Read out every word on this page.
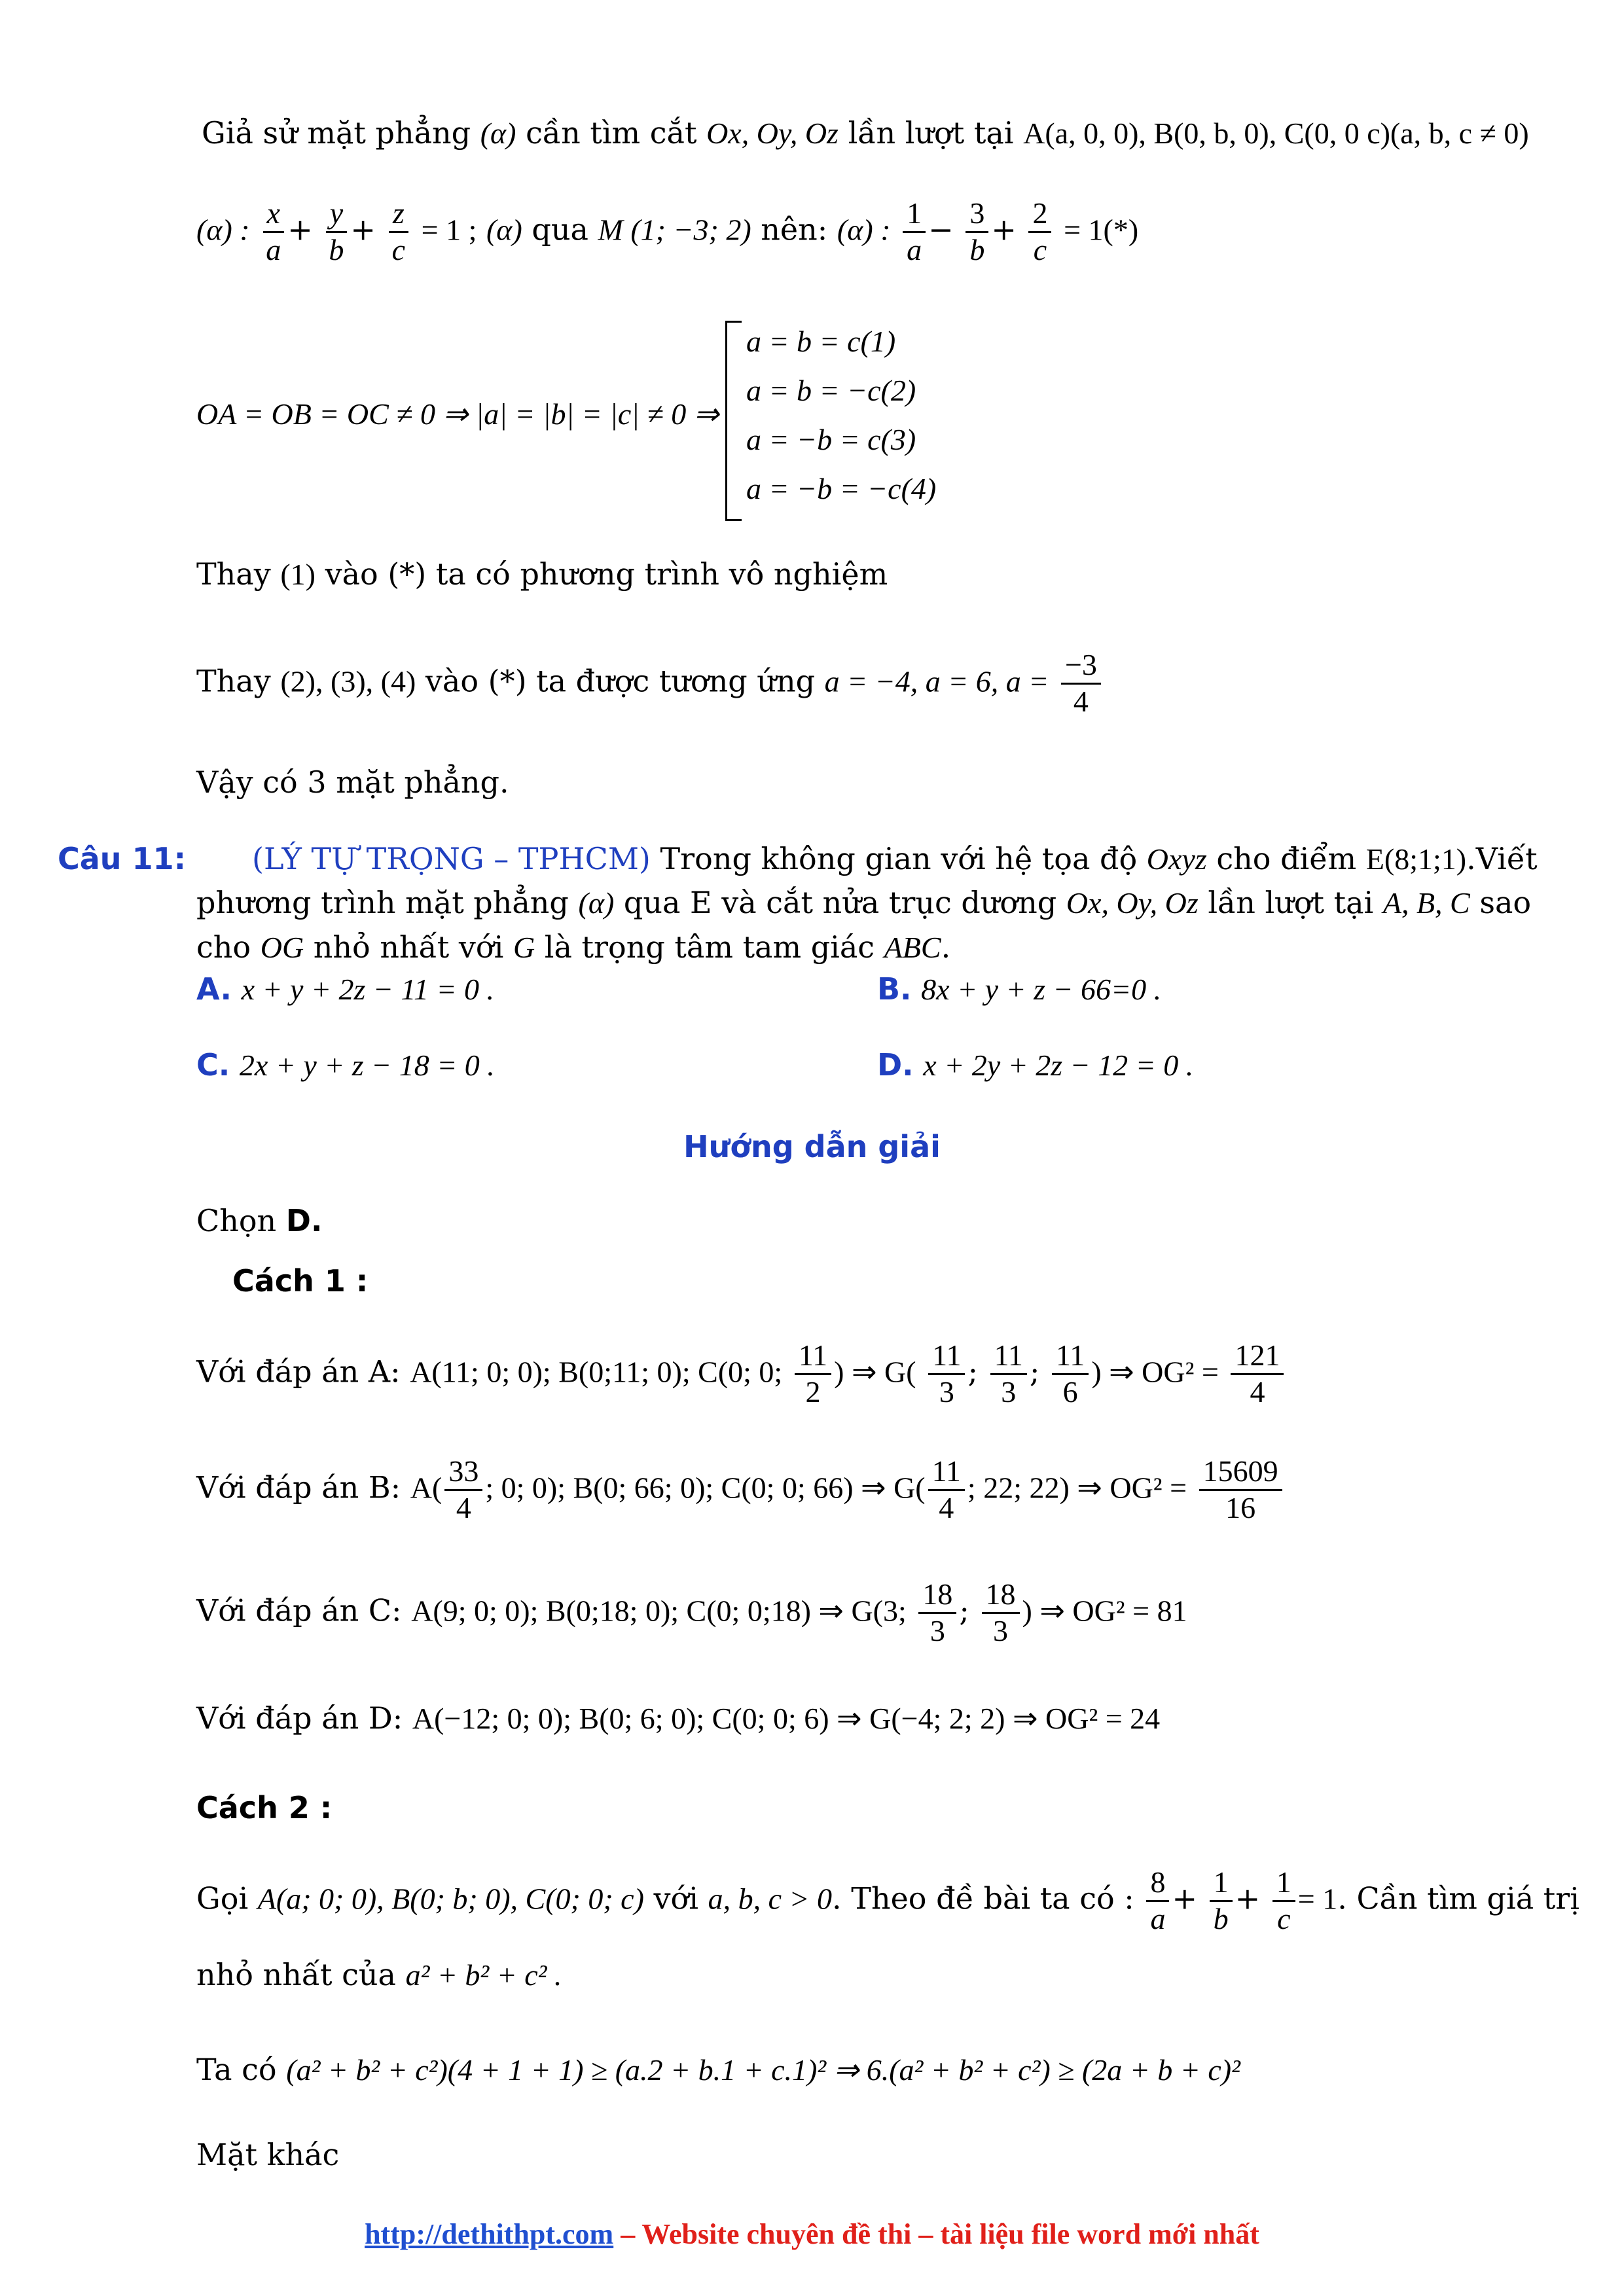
Giả sử mặt phẳng (α) cần tìm cắt Ox, Oy, Oz lần lượt tại A(a, 0, 0), B(0, b, 0), C(0, 0 c)(a, b, c ≠ 0)
(α) : $\frac{x}{a} + \frac{y}{b} + \frac{z}{c} = 1$ ; (α) qua M (1; −3; 2) nên: (α) : $\frac{1}{a} - \frac{3}{b} + \frac{2}{c} = 1(*)$
OA = OB = OC ≠ 0 ⇒ |a| = |b| = |c| ≠ 0 ⇒
a = b = c(1)
a = b = −c(2)
a = −b = c(3)
a = −b = −c(4)
Thay (1) vào (*) ta có phương trình vô nghiệm
Thay (2), (3), (4) vào (*) ta được tương ứng a = −4, a = 6, $a = \frac{-3}{4}$
Vậy có 3 mặt phẳng.
Câu 11: (LÝ TỰ TRỌNG – TPHCM) Trong không gian với hệ tọa độ Oxyz cho điểm E(8;1;1).Viết
phương trình mặt phẳng (α) qua E và cắt nửa trục dương Ox, Oy, Oz lần lượt tại A, B, C sao
cho OG nhỏ nhất với G là trọng tâm tam giác ABC.
A. x + y + 2z − 11 = 0 .	B. 8x + y + z − 66=0 .
C. 2x + y + z − 18 = 0 .	D. x + 2y + 2z − 12 = 0 .
Hướng dẫn giải
Chọn D.
Cách 1 :
Với đáp án A: A(11; 0; 0); B(0;11; 0); C(0; 0; $\frac{11}{2}$ ) ⇒ $G( \frac{11}{3}$ ; $\frac{11}{3}$ ; $\frac{11}{6}$ ) ⇒ $OG^2 = \frac{121}{4}$
Với đáp án B: $A( \frac{33}{4}$ ; 0; 0); B(0; 66; 0); C(0; 0; 66) ⇒ $G( \frac{11}{4}$ ; 22; 22) ⇒ $OG^2 = \frac{15609}{16}$
Với đáp án C: A(9; 0; 0); B(0;18; 0); C(0; 0;18) ⇒ G(3; $\frac{18}{3}$ ; $\frac{18}{3}$ ) ⇒ OG² = 81
Với đáp án D: A(−12; 0; 0); B(0; 6; 0); C(0; 0; 6) ⇒ G(−4; 2; 2) ⇒ OG² = 24
Cách 2 :
Gọi A(a; 0; 0), B(0; b; 0), C(0; 0; c) với a, b, c > 0. Theo đề bài ta có : $\frac{8}{a} + \frac{1}{b} + \frac{1}{c} = 1$. Cần tìm giá trị
nhỏ nhất của a² + b² + c² .
Ta có (a² + b² + c²)(4 + 1 + 1) ≥ (a.2 + b.1 + c.1)² ⇒ 6.(a² + b² + c²) ≥ (2a + b + c)²
Mặt khác
http://dethithpt.com – Website chuyên đề thi – tài liệu file word mới nhất
